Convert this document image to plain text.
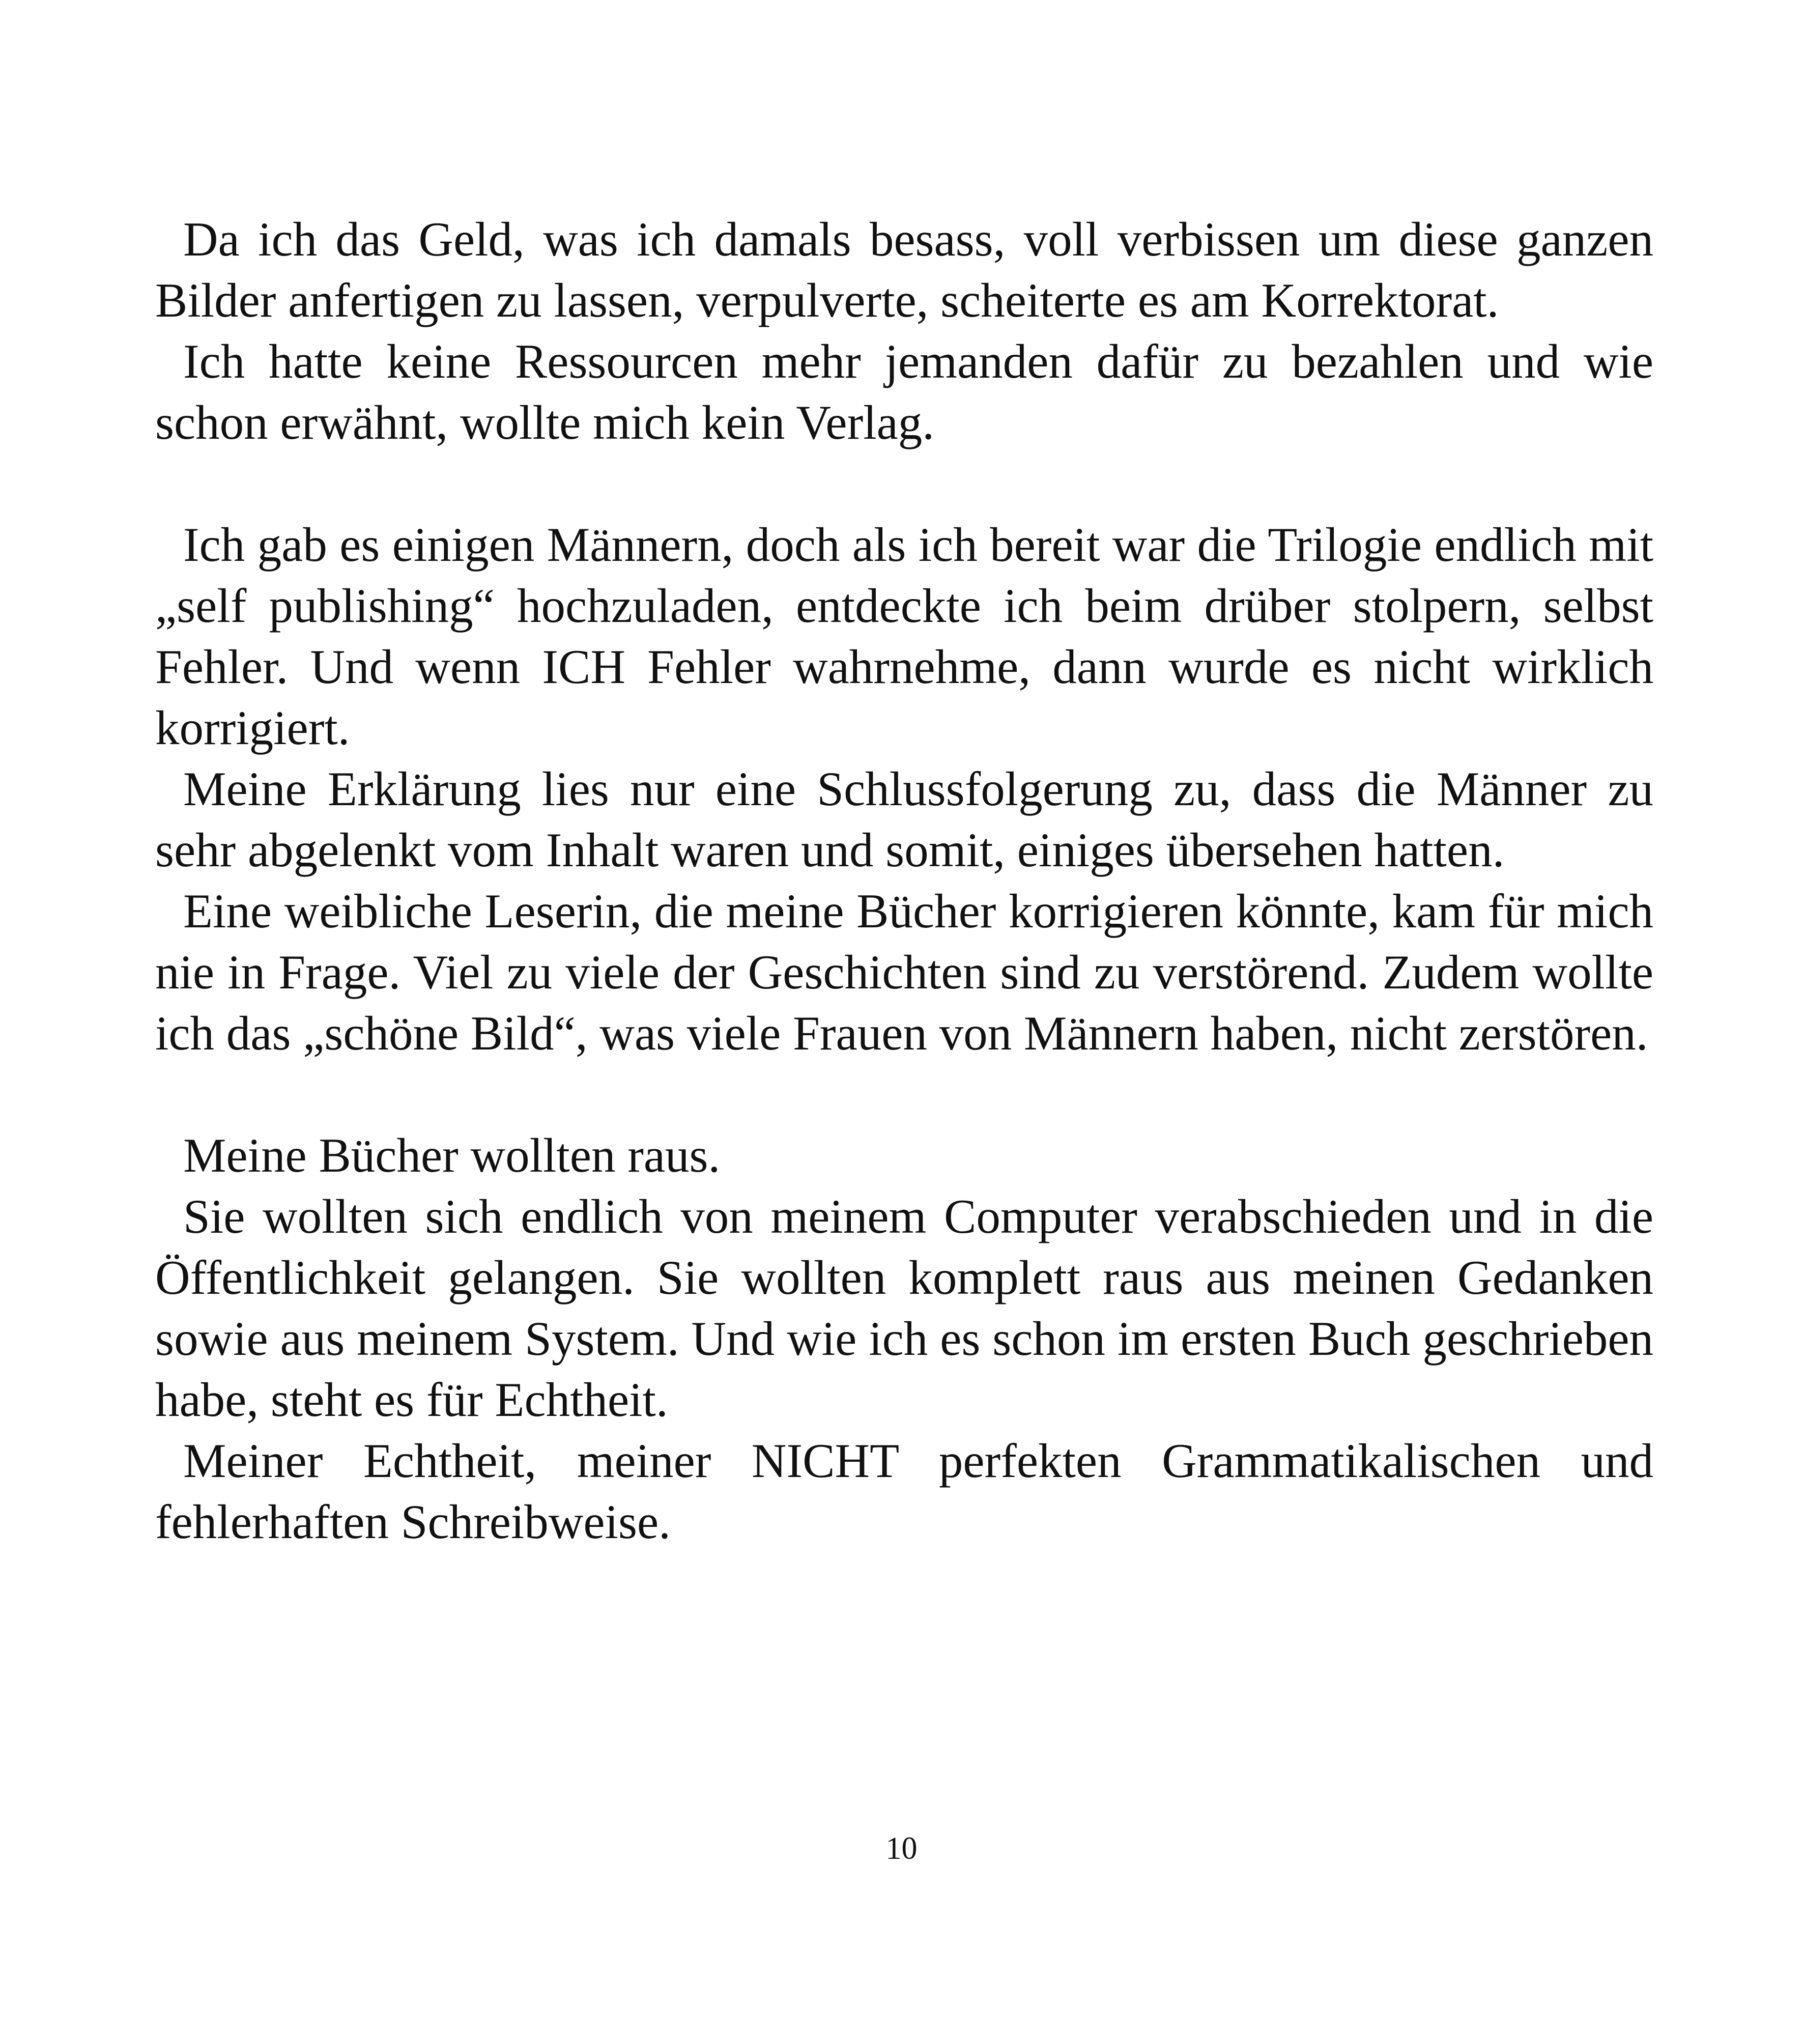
Da ich das Geld, was ich damals besass, voll verbissen um diese ganzen Bilder anfertigen zu lassen, verpulverte, scheiterte es am Korrektorat.

Ich hatte keine Ressourcen mehr jemanden dafür zu bezahlen und wie schon erwähnt, wollte mich kein Verlag.

Ich gab es einigen Männern, doch als ich bereit war die Trilogie endlich mit „self publishing“ hochzuladen, entdeckte ich beim drüber stolpern, selbst Fehler. Und wenn ICH Fehler wahrnehme, dann wurde es nicht wirklich korrigiert.

Meine Erklärung lies nur eine Schlussfolgerung zu, dass die Männer zu sehr abgelenkt vom Inhalt waren und somit, einiges übersehen hatten.

Eine weibliche Leserin, die meine Bücher korrigieren könnte, kam für mich nie in Frage. Viel zu viele der Geschichten sind zu verstörend. Zudem wollte ich das „schöne Bild“, was viele Frauen von Männern haben, nicht zerstören.

Meine Bücher wollten raus.

Sie wollten sich endlich von meinem Computer verabschieden und in die Öffentlichkeit gelangen. Sie wollten komplett raus aus meinen Gedanken sowie aus meinem System. Und wie ich es schon im ersten Buch geschrieben habe, steht es für Echtheit.

Meiner Echtheit, meiner NICHT perfekten Grammatikalischen und fehlerhaften Schreibweise.

10
